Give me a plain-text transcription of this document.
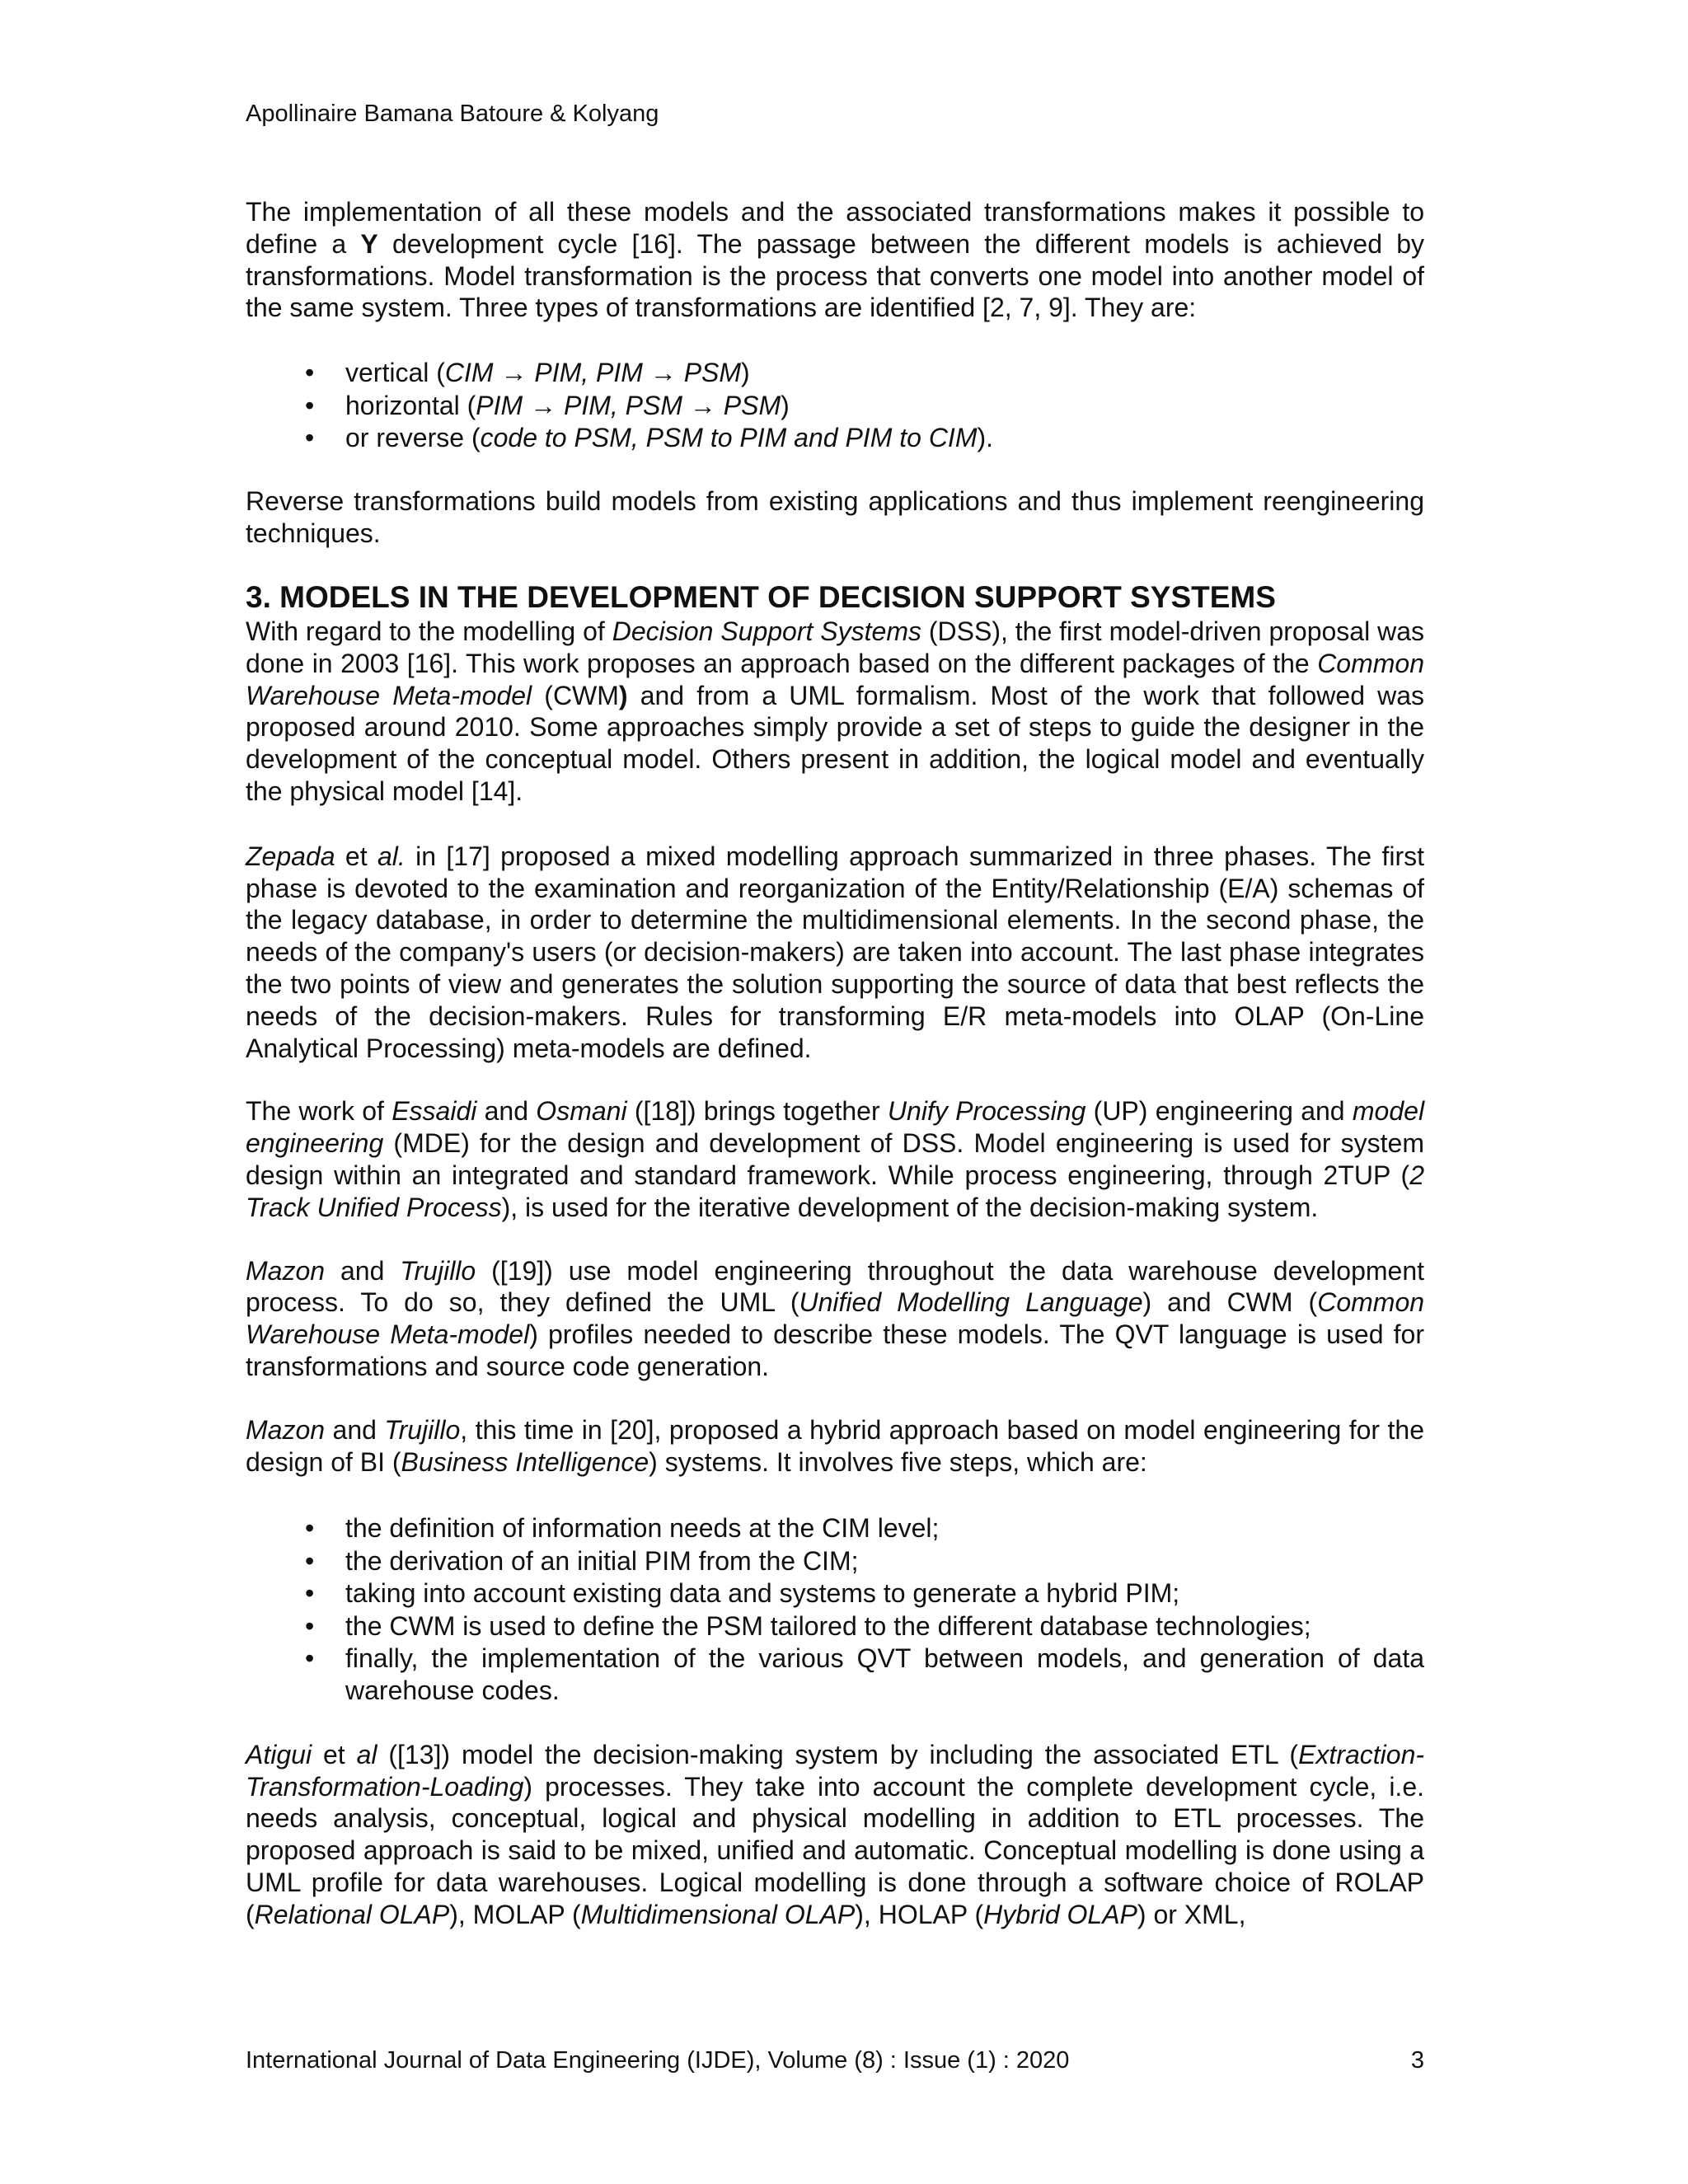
Apollinaire Bamana Batoure & Kolyang

The implementation of all these models and the associated transformations makes it possible to define a Y development cycle [16]. The passage between the different models is achieved by transformations. Model transformation is the process that converts one model into another model of the same system. Three types of transformations are identified [2, 7, 9]. They are:

• vertical (CIM → PIM, PIM → PSM)
• horizontal (PIM → PIM, PSM → PSM)
• or reverse (code to PSM, PSM to PIM and PIM to CIM).

Reverse transformations build models from existing applications and thus implement reengineering techniques.

3. MODELS IN THE DEVELOPMENT OF DECISION SUPPORT SYSTEMS

With regard to the modelling of Decision Support Systems (DSS), the first model-driven proposal was done in 2003 [16]. This work proposes an approach based on the different packages of the Common Warehouse Meta-model (CWM) and from a UML formalism. Most of the work that followed was proposed around 2010. Some approaches simply provide a set of steps to guide the designer in the development of the conceptual model. Others present in addition, the logical model and eventually the physical model [14].

Zepada et al. in [17] proposed a mixed modelling approach summarized in three phases. The first phase is devoted to the examination and reorganization of the Entity/Relationship (E/A) schemas of the legacy database, in order to determine the multidimensional elements. In the second phase, the needs of the company's users (or decision-makers) are taken into account. The last phase integrates the two points of view and generates the solution supporting the source of data that best reflects the needs of the decision-makers. Rules for transforming E/R meta-models into OLAP (On-Line Analytical Processing) meta-models are defined.

The work of Essaidi and Osmani ([18]) brings together Unify Processing (UP) engineering and model engineering (MDE) for the design and development of DSS. Model engineering is used for system design within an integrated and standard framework. While process engineering, through 2TUP (2 Track Unified Process), is used for the iterative development of the decision-making system.

Mazon and Trujillo ([19]) use model engineering throughout the data warehouse development process. To do so, they defined the UML (Unified Modelling Language) and CWM (Common Warehouse Meta-model) profiles needed to describe these models. The QVT language is used for transformations and source code generation.

Mazon and Trujillo, this time in [20], proposed a hybrid approach based on model engineering for the design of BI (Business Intelligence) systems. It involves five steps, which are:

• the definition of information needs at the CIM level;
• the derivation of an initial PIM from the CIM;
• taking into account existing data and systems to generate a hybrid PIM;
• the CWM is used to define the PSM tailored to the different database technologies;
• finally, the implementation of the various QVT between models, and generation of data warehouse codes.

Atigui et al ([13]) model the decision-making system by including the associated ETL (Extraction-Transformation-Loading) processes. They take into account the complete development cycle, i.e. needs analysis, conceptual, logical and physical modelling in addition to ETL processes. The proposed approach is said to be mixed, unified and automatic. Conceptual modelling is done using a UML profile for data warehouses. Logical modelling is done through a software choice of ROLAP (Relational OLAP), MOLAP (Multidimensional OLAP), HOLAP (Hybrid OLAP) or XML,

International Journal of Data Engineering (IJDE), Volume (8) : Issue (1) : 2020	3
